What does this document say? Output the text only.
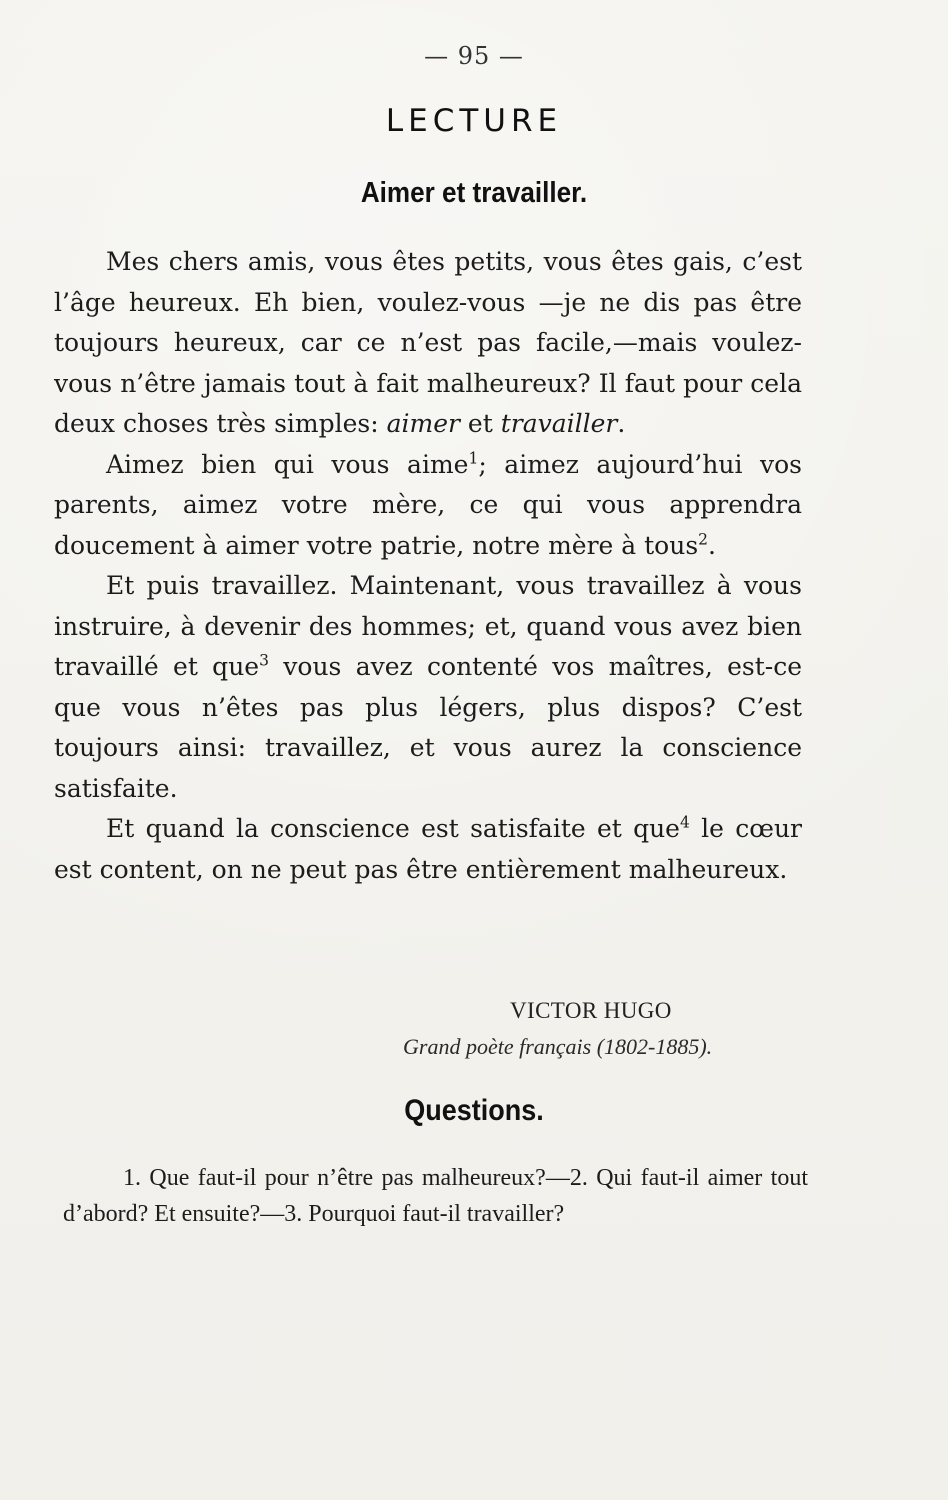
— 95 —
LECTURE
Aimer et travailler.

Mes chers amis, vous êtes petits, vous êtes gais, c’est l’âge heureux. Eh bien, voulez-vous —je ne dis pas être toujours heureux, car ce n’est pas facile,—mais voulez-vous n’être jamais tout à fait malheureux? Il faut pour cela deux choses très simples: aimer et travailler.

Aimez bien qui vous aime$^1$; aimez aujourd’hui vos parents, aimez votre mère, ce qui vous apprendra doucement à aimer votre patrie, notre mère à tous$^2$.

Et puis travaillez. Maintenant, vous travaillez à vous instruire, à devenir des hommes; et, quand vous avez bien travaillé et que$^3$ vous avez contenté vos maîtres, est-ce que vous n’êtes pas plus légers, plus dispos? C’est toujours ainsi: travaillez, et vous aurez la conscience satisfaite.

Et quand la conscience est satisfaite et que$^4$ le cœur est content, on ne peut pas être entièrement malheureux.

VICTOR HUGO
Grand poète français (1802-1885).
Questions.
1. Que faut-il pour n’être pas malheureux?—2. Qui faut-il aimer tout d’abord? Et ensuite?—3. Pourquoi faut-il travailler?
